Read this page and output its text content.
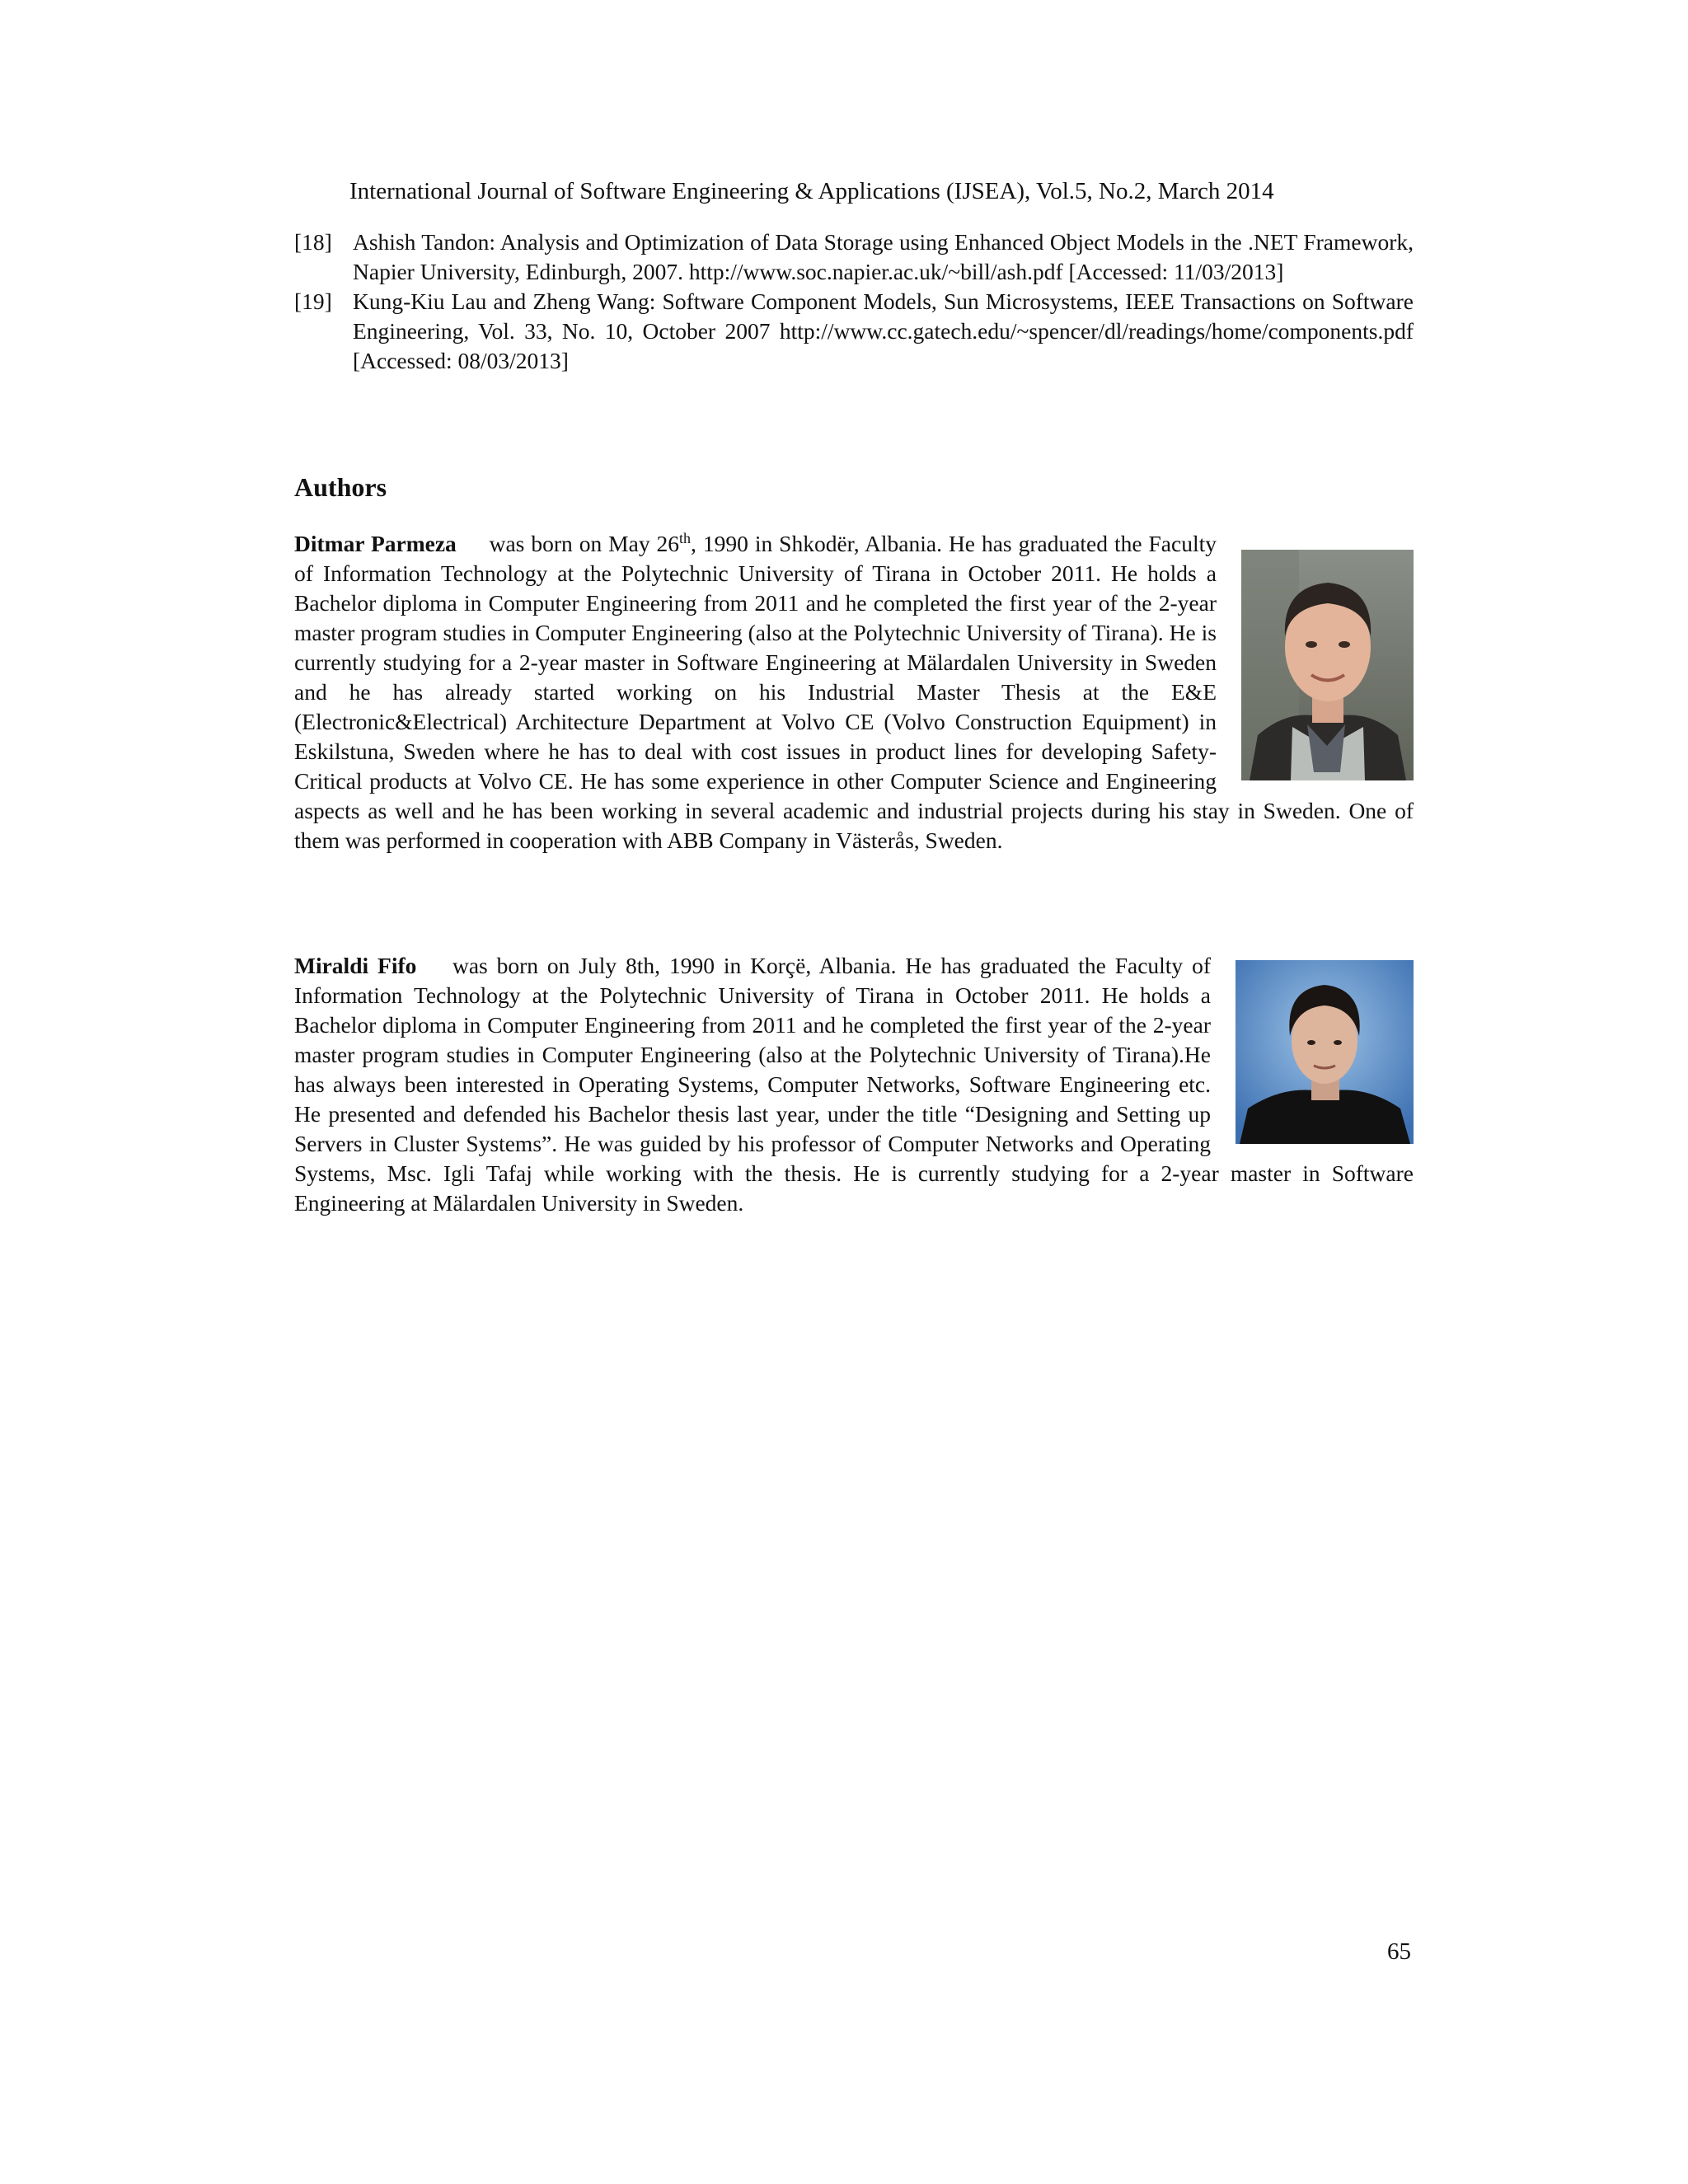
International Journal of Software Engineering & Applications (IJSEA), Vol.5, No.2, March 2014
[18] Ashish Tandon: Analysis and Optimization of Data Storage using Enhanced Object Models in the .NET Framework, Napier University, Edinburgh, 2007. http://www.soc.napier.ac.uk/~bill/ash.pdf [Accessed: 11/03/2013]
[19] Kung-Kiu Lau and Zheng Wang: Software Component Models, Sun Microsystems, IEEE Transactions on Software Engineering, Vol. 33, No. 10, October 2007 http://www.cc.gatech.edu/~spencer/dl/readings/home/components.pdf [Accessed: 08/03/2013]
Authors
Ditmar Parmeza was born on May 26th, 1990 in Shkodër, Albania. He has graduated the Faculty of Information Technology at the Polytechnic University of Tirana in October 2011. He holds a Bachelor diploma in Computer Engineering from 2011 and he completed the first year of the 2-year master program studies in Computer Engineering (also at the Polytechnic University of Tirana). He is currently studying for a 2-year master in Software Engineering at Mälardalen University in Sweden and he has already started working on his Industrial Master Thesis at the E&E (Electronic&Electrical) Architecture Department at Volvo CE (Volvo Construction Equipment) in Eskilstuna, Sweden where he has to deal with cost issues in product lines for developing Safety-Critical products at Volvo CE. He has some experience in other Computer Science and Engineering aspects as well and he has been working in several academic and industrial projects during his stay in Sweden. One of them was performed in cooperation with ABB Company in Västerås, Sweden.
Miraldi Fifo was born on July 8th, 1990 in Korçë, Albania. He has graduated the Faculty of Information Technology at the Polytechnic University of Tirana in October 2011. He holds a Bachelor diploma in Computer Engineering from 2011 and he completed the first year of the 2-year master program studies in Computer Engineering (also at the Polytechnic University of Tirana).He has always been interested in Operating Systems, Computer Networks, Software Engineering etc. He presented and defended his Bachelor thesis last year, under the title “Designing and Setting up Servers in Cluster Systems”. He was guided by his professor of Computer Networks and Operating Systems, Msc. Igli Tafaj while working with the thesis. He is currently studying for a 2-year master in Software Engineering at Mälardalen University in Sweden.
65
